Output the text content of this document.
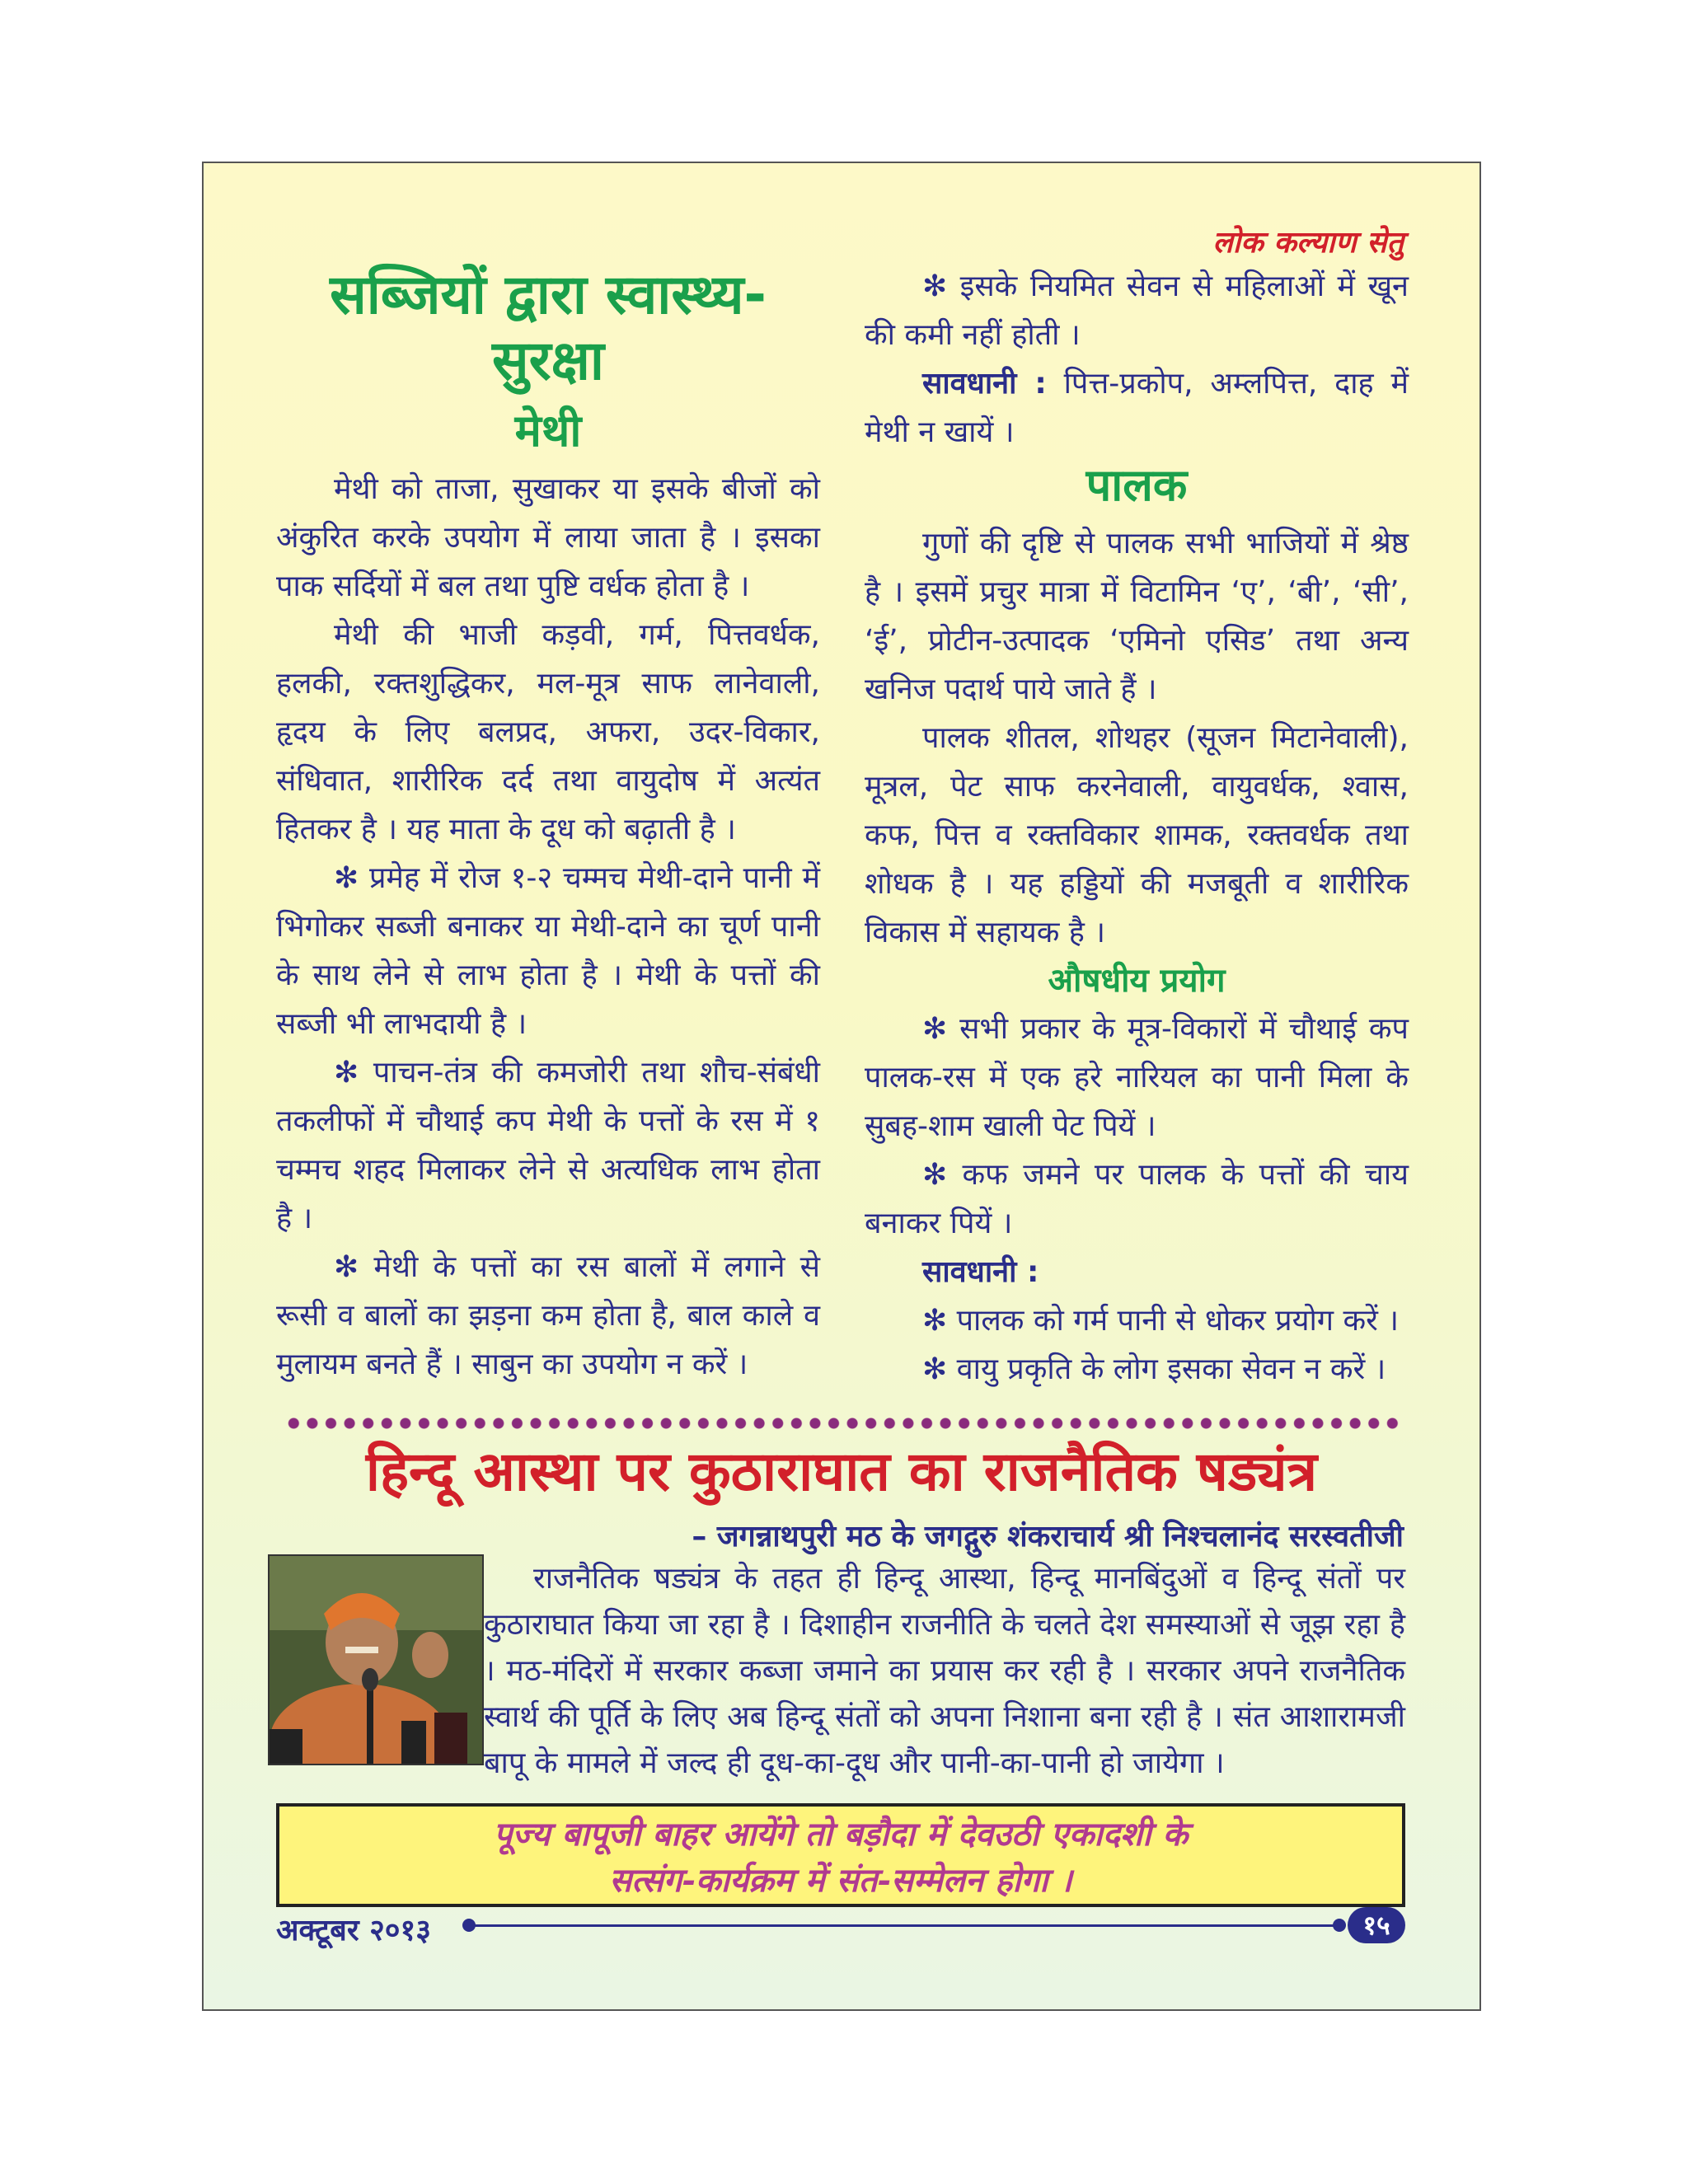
लोक कल्याण सेतु
सब्जियों द्वारा स्वास्थ्य-सुरक्षा
मेथी

मेथी को ताजा, सुखाकर या इसके बीजों को अंकुरित करके उपयोग में लाया जाता है । इसका पाक सर्दियों में बल तथा पुष्टि वर्धक होता है ।

मेथी की भाजी कड़वी, गर्म, पित्तवर्धक, हलकी, रक्तशुद्धिकर, मल-मूत्र साफ लानेवाली, हृदय के लिए बलप्रद, अफरा, उदर-विकार, संधिवात, शारीरिक दर्द तथा वायुदोष में अत्यंत हितकर है । यह माता के दूध को बढ़ाती है ।

✻ प्रमेह में रोज १-२ चम्मच मेथी-दाने पानी में भिगोकर सब्जी बनाकर या मेथी-दाने का चूर्ण पानी के साथ लेने से लाभ होता है । मेथी के पत्तों की सब्जी भी लाभदायी है ।

✻ पाचन-तंत्र की कमजोरी तथा शौच-संबंधी तकलीफों में चौथाई कप मेथी के पत्तों के रस में १ चम्मच शहद मिलाकर लेने से अत्यधिक लाभ होता है ।

✻ मेथी के पत्तों का रस बालों में लगाने से रूसी व बालों का झड़ना कम होता है, बाल काले व मुलायम बनते हैं । साबुन का उपयोग न करें ।

✻ इसके नियमित सेवन से महिलाओं में खून की कमी नहीं होती ।

सावधानी : पित्त-प्रकोप, अम्लपित्त, दाह में मेथी न खायें ।

पालक

गुणों की दृष्टि से पालक सभी भाजियों में श्रेष्ठ है । इसमें प्रचुर मात्रा में विटामिन ‘ए’, ‘बी’, ‘सी’, ‘ई’, प्रोटीन-उत्पादक ‘एमिनो एसिड’ तथा अन्य खनिज पदार्थ पाये जाते हैं ।

पालक शीतल, शोथहर (सूजन मिटानेवाली), मूत्रल, पेट साफ करनेवाली, वायुवर्धक, श्वास, कफ, पित्त व रक्तविकार शामक, रक्तवर्धक तथा शोधक है । यह हड्डियों की मजबूती व शारीरिक विकास में सहायक है ।

औषधीय प्रयोग

✻ सभी प्रकार के मूत्र-विकारों में चौथाई कप पालक-रस में एक हरे नारियल का पानी मिला के सुबह-शाम खाली पेट पियें ।

✻ कफ जमने पर पालक के पत्तों की चाय बनाकर पियें ।

सावधानी :

✻ पालक को गर्म पानी से धोकर प्रयोग करें ।

✻ वायु प्रकृति के लोग इसका सेवन न करें ।

हिन्दू आस्था पर कुठाराघात का राजनैतिक षड्यंत्र
– जगन्नाथपुरी मठ के जगद्गुरु शंकराचार्य श्री निश्चलानंद सरस्वतीजी
राजनैतिक षड्यंत्र के तहत ही हिन्दू आस्था, हिन्दू मानबिंदुओं व हिन्दू संतों पर कुठाराघात किया जा रहा है । दिशाहीन राजनीति के चलते देश समस्याओं से जूझ रहा है । मठ-मंदिरों में सरकार कब्जा जमाने का प्रयास कर रही है । सरकार अपने राजनैतिक स्वार्थ की पूर्ति के लिए अब हिन्दू संतों को अपना निशाना बना रही है । संत आशारामजी बापू के मामले में जल्द ही दूध-का-दूध और पानी-का-पानी हो जायेगा ।
पूज्य बापूजी बाहर आयेंगे तो बड़ौदा में देवउठी एकादशी के
सत्संग-कार्यक्रम में संत-सम्मेलन होगा ।
अक्टूबर २०१३	१५
